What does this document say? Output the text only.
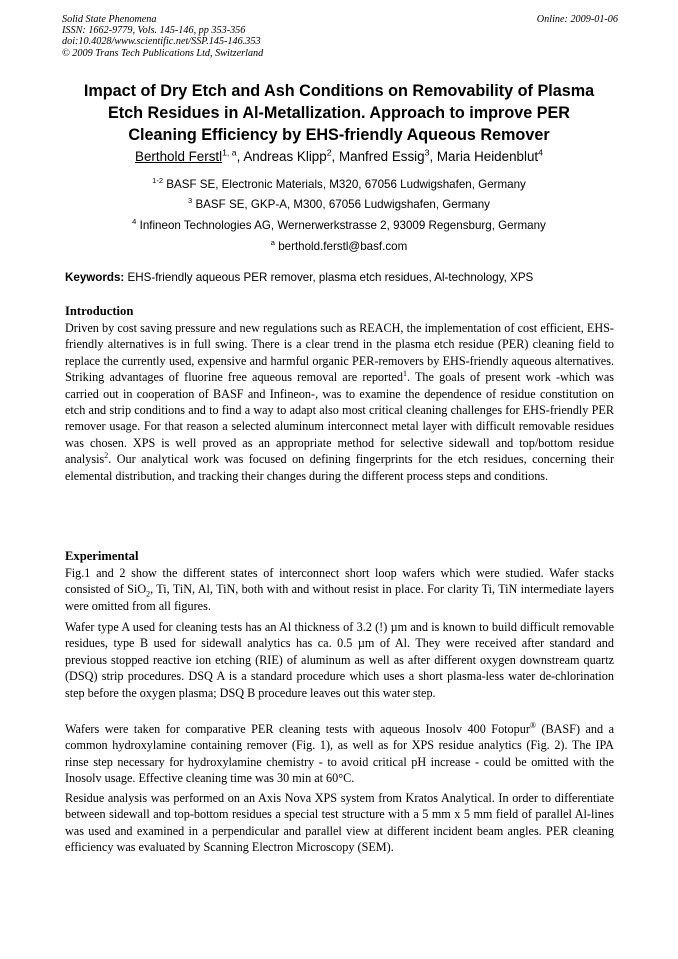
Solid State Phenomena
ISSN: 1662-9779, Vols. 145-146, pp 353-356
doi:10.4028/www.scientific.net/SSP.145-146.353
© 2009 Trans Tech Publications Ltd, Switzerland
Online: 2009-01-06
Impact of Dry Etch and Ash Conditions on Removability of Plasma
Etch Residues in Al-Metallization. Approach to improve PER
Cleaning Efficiency by EHS-friendly Aqueous Remover
Berthold Ferstl$^{1, a}$, Andreas Klipp$^2$, Manfred Essig$^3$, Maria Heidenblut$^4$
$^{1-2}$ BASF SE, Electronic Materials, M320, 67056 Ludwigshafen, Germany
$^3$ BASF SE, GKP-A, M300, 67056 Ludwigshafen, Germany
$^4$ Infineon Technologies AG, Wernerwerkstrasse 2, 93009 Regensburg, Germany
$^a$ berthold.ferstl@basf.com
Keywords: EHS-friendly aqueous PER remover, plasma etch residues, Al-technology, XPS
Introduction

Driven by cost saving pressure and new regulations such as REACH, the implementation of cost efficient, EHS-friendly alternatives is in full swing. There is a clear trend in the plasma etch residue (PER) cleaning field to replace the currently used, expensive and harmful organic PER-removers by EHS-friendly aqueous alternatives. Striking advantages of fluorine free aqueous removal are reported$^1$. The goals of present work -which was carried out in cooperation of BASF and Infineon-, was to examine the dependence of residue constitution on etch and strip conditions and to find a way to adapt also most critical cleaning challenges for EHS-friendly PER remover usage. For that reason a selected aluminum interconnect metal layer with difficult removable residues was chosen. XPS is well proved as an appropriate method for selective sidewall and top/bottom residue analysis$^2$. Our analytical work was focused on defining fingerprints for the etch residues, concerning their elemental distribution, and tracking their changes during the different process steps and conditions.

Experimental

Fig.1 and 2 show the different states of interconnect short loop wafers which were studied. Wafer stacks consisted of SiO$_2$, Ti, TiN, Al, TiN, both with and without resist in place. For clarity Ti, TiN intermediate layers were omitted from all figures.

Wafer type A used for cleaning tests has an Al thickness of 3.2 (!) µm and is known to build difficult removable residues, type B used for sidewall analytics has ca. 0.5 µm of Al. They were received after standard and previous stopped reactive ion etching (RIE) of aluminum as well as after different oxygen downstream quartz (DSQ) strip procedures. DSQ A is a standard procedure which uses a short plasma-less water de-chlorination step before the oxygen plasma; DSQ B procedure leaves out this water step.

Wafers were taken for comparative PER cleaning tests with aqueous Inosolv 400 Fotopur® (BASF) and a common hydroxylamine containing remover (Fig. 1), as well as for XPS residue analytics (Fig. 2). The IPA rinse step necessary for hydroxylamine chemistry - to avoid critical pH increase - could be omitted with the Inosolv usage. Effective cleaning time was 30 min at 60°C.

Residue analysis was performed on an Axis Nova XPS system from Kratos Analytical. In order to differentiate between sidewall and top-bottom residues a special test structure with a 5 mm x 5 mm field of parallel Al-lines was used and examined in a perpendicular and parallel view at different incident beam angles. PER cleaning efficiency was evaluated by Scanning Electron Microscopy (SEM).
